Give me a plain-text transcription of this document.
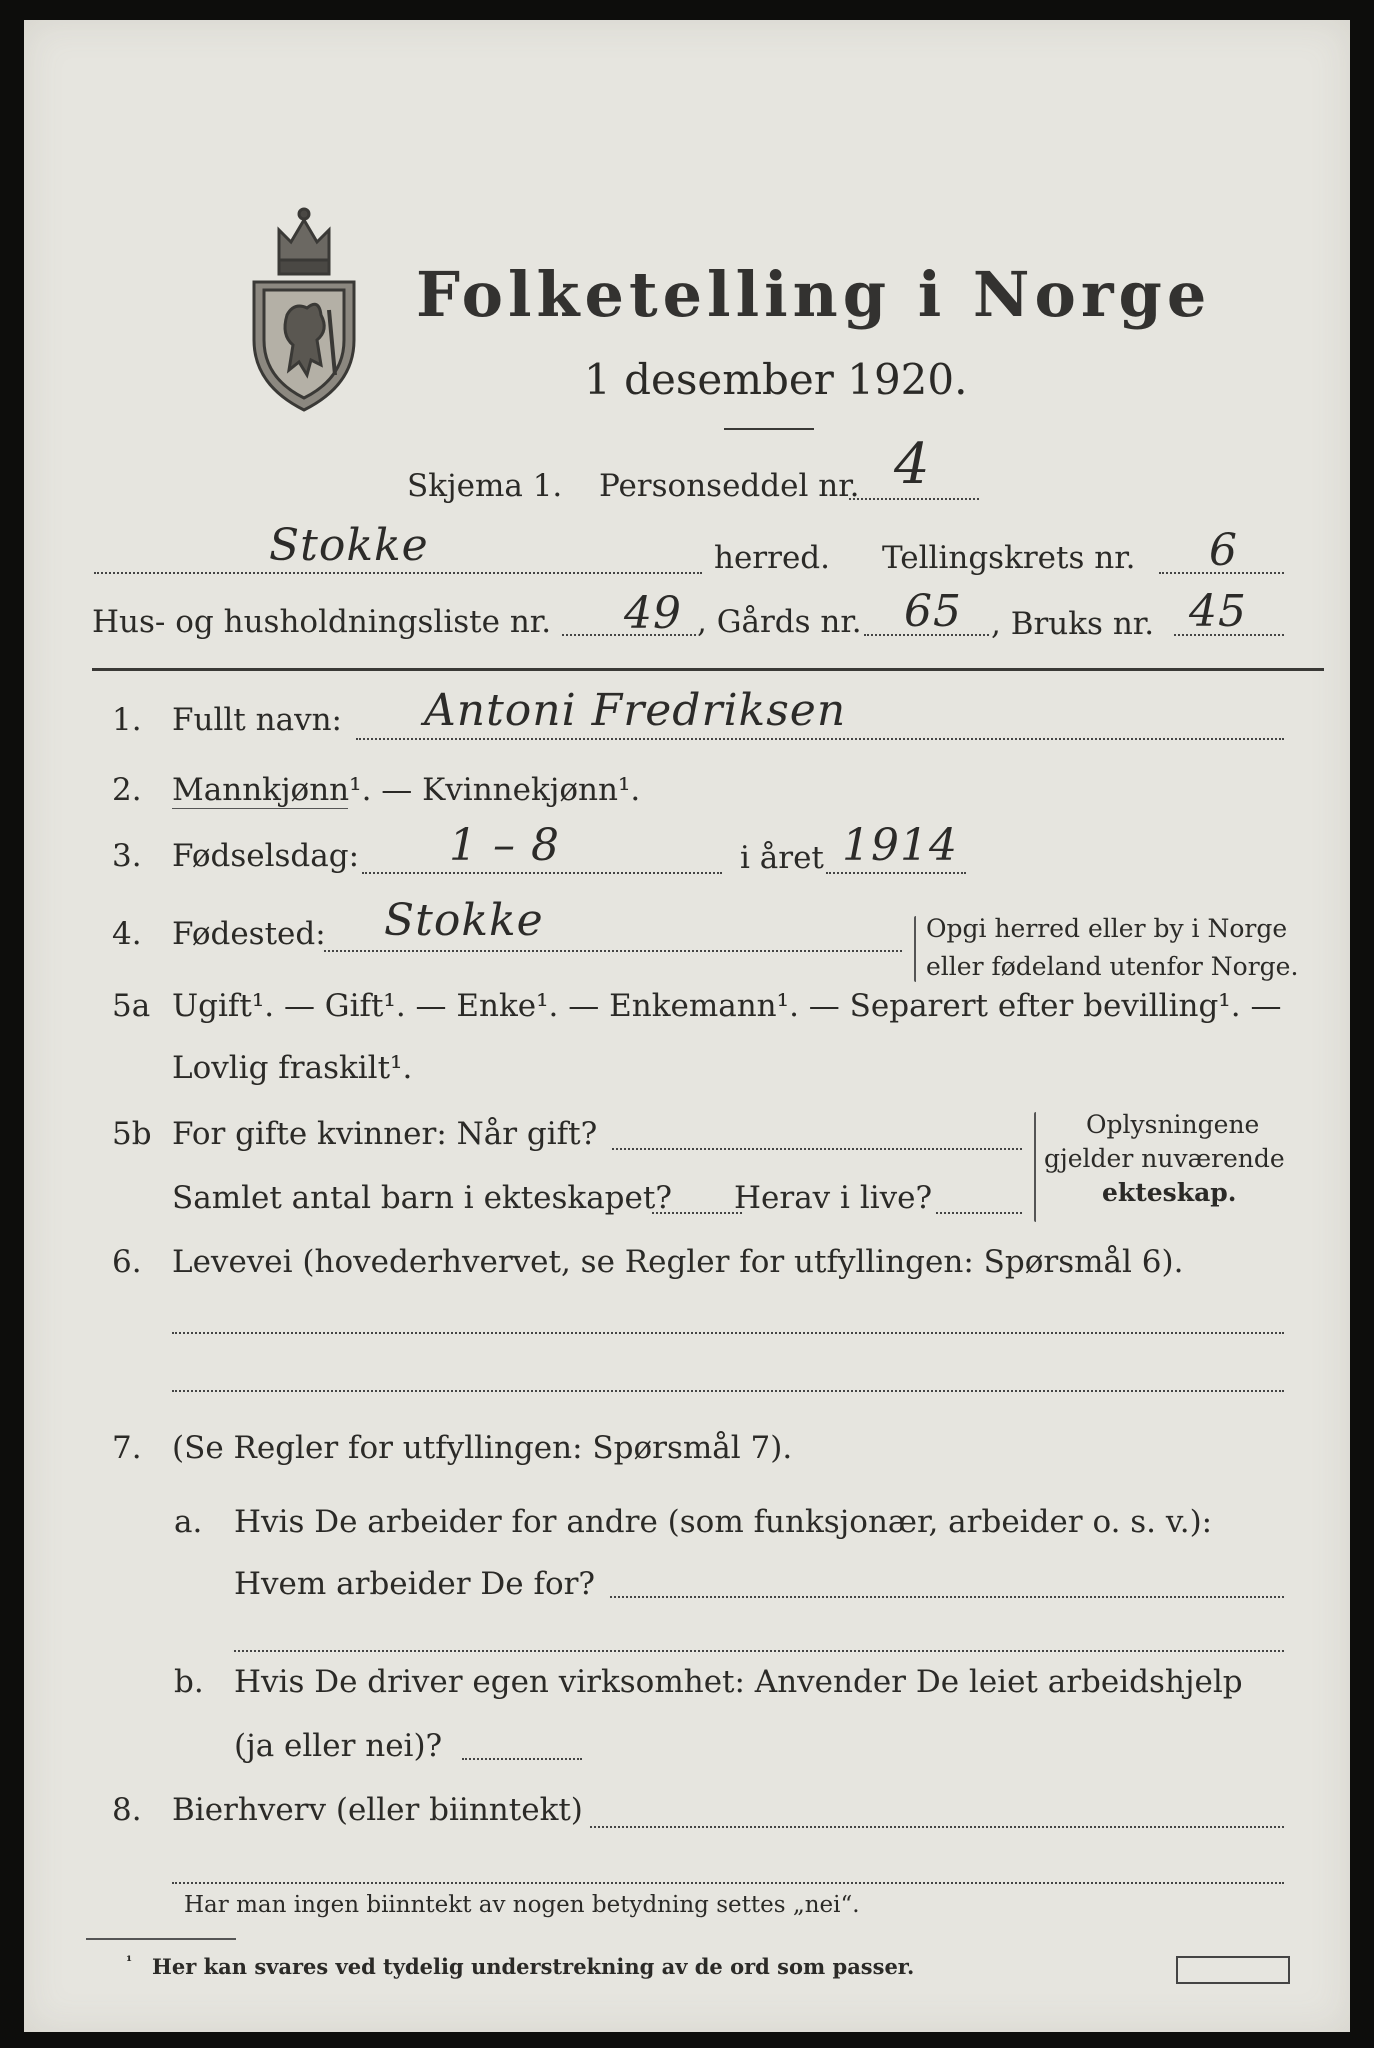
Folketelling i Norge
1 desember 1920.
Skjema 1. Personseddel nr. 4
Stokke	herred. Tellingskrets nr. 6
Hus- og husholdningsliste nr. 49 , Gårds nr. 65 , Bruks nr. 45
1. Fullt navn: Antoni Fredriksen
2. Mannkjønn¹. — Kvinnekjønn¹.
3. Fødselsdag: 1 – 8	i året 1914
4. Fødested: Stokke	Opgi herred eller by i Norge
eller fødeland utenfor Norge.
5a Ugift¹. — Gift¹. — Enke¹. — Enkemann¹. — Separert efter bevilling¹. —
Lovlig fraskilt¹.
5b For gifte kvinner: Når gift?
Samlet antal barn i ekteskapet? Herav i live?
Oplysningene
gjelder nuværende
ekteskap.
6. Levevei (hovederhvervet, se Regler for utfyllingen: Spørsmål 6).
7. (Se Regler for utfyllingen: Spørsmål 7).
a. Hvis De arbeider for andre (som funksjonær, arbeider o. s. v.):
Hvem arbeider De for?
b. Hvis De driver egen virksomhet: Anvender De leiet arbeidshjelp
(ja eller nei)?
8. Bierhverv (eller biinntekt)
Har man ingen biinntekt av nogen betydning settes „nei“.
¹ Her kan svares ved tydelig understrekning av de ord som passer.
